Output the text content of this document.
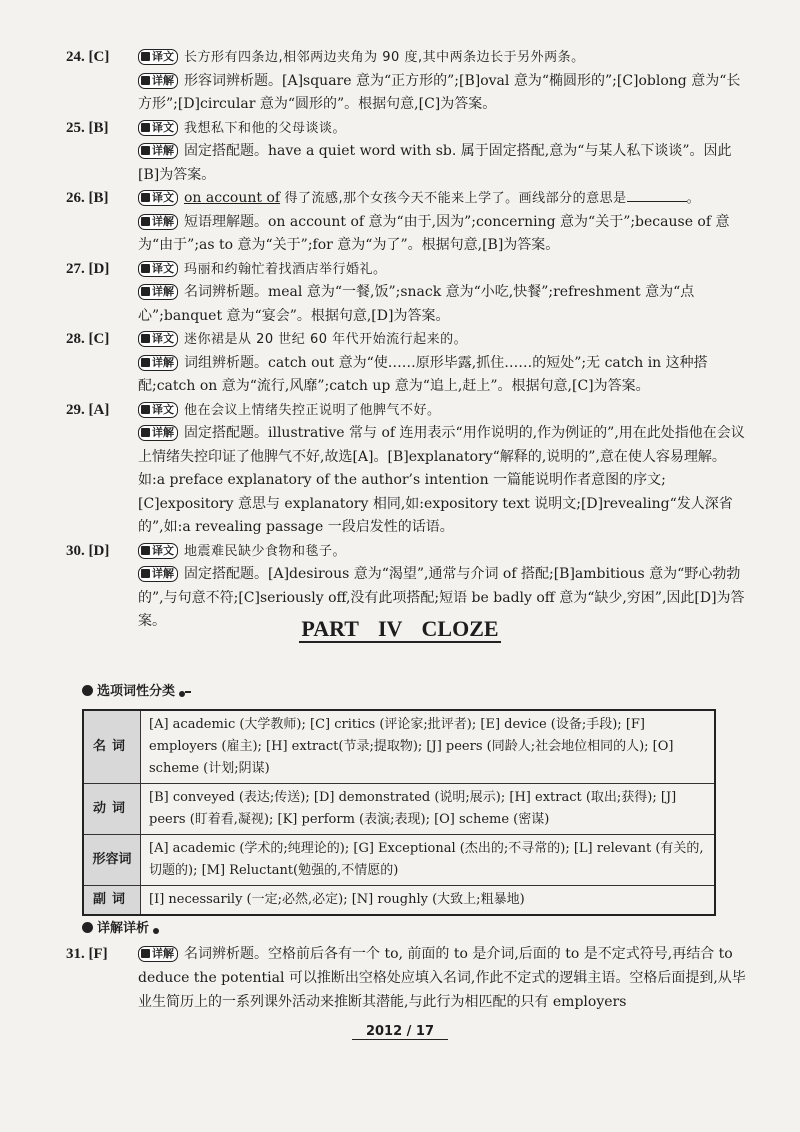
24. [C]	译文 长方形有四条边,相邻两边夹角为 90 度,其中两条边长于另外两条。
详解 形容词辨析题。[A]square 意为“正方形的”;[B]oval 意为“椭圆形的”;[C]oblong 意为“长方形”;[D]circular 意为“圆形的”。根据句意,[C]为答案。
25. [B]	译文 我想私下和他的父母谈谈。
详解 固定搭配题。have a quiet word with sb. 属于固定搭配,意为“与某人私下谈谈”。因此[B]为答案。
26. [B]	译文 on account of 得了流感,那个女孩今天不能来上学了。画线部分的意思是	。
详解 短语理解题。on account of 意为“由于,因为”;concerning 意为“关于”;because of 意为“由于”;as to 意为“关于”;for 意为“为了”。根据句意,[B]为答案。
27. [D]	译文 玛丽和约翰忙着找酒店举行婚礼。
详解 名词辨析题。meal 意为“一餐,饭”;snack 意为“小吃,快餐”;refreshment 意为“点心”;banquet 意为“宴会”。根据句意,[D]为答案。
28. [C]	译文 迷你裙是从 20 世纪 60 年代开始流行起来的。
详解 词组辨析题。catch out 意为“使……原形毕露,抓住……的短处”;无 catch in 这种搭配;catch on 意为“流行,风靡”;catch up 意为“追上,赶上”。根据句意,[C]为答案。
29. [A]	译文 他在会议上情绪失控正说明了他脾气不好。
详解 固定搭配题。illustrative 常与 of 连用表示“用作说明的,作为例证的”,用在此处指他在会议上情绪失控印证了他脾气不好,故选[A]。[B]explanatory“解释的,说明的”,意在使人容易理解。如:a preface explanatory of the author’s intention 一篇能说明作者意图的序文;[C]expository 意思与 explanatory 相同,如:expository text 说明文;[D]revealing“发人深省的”,如:a revealing passage 一段启发性的话语。
30. [D]	译文 地震难民缺少食物和毯子。
详解 固定搭配题。[A]desirous 意为“渴望”,通常与介词 of 搭配;[B]ambitious 意为“野心勃勃的”,与句意不符;[C]seriously off,没有此项搭配;短语 be badly off 意为“缺少,穷困”,因此[D]为答案。	PART IV CLOZE
选项词性分类
名词	[A] academic (大学教师); [C] critics (评论家;批评者); [E] device (设备;手段); [F] employers (雇主); [H] extract(节录;提取物); [J] peers (同龄人;社会地位相同的人); [O] scheme (计划;阴谋)
动词	[B] conveyed (表达;传送); [D] demonstrated (说明;展示); [H] extract (取出;获得); [J] peers (盯着看,凝视); [K] perform (表演;表现); [O] scheme (密谋)
形容词	[A] academic (学术的;纯理论的); [G] Exceptional (杰出的;不寻常的); [L] relevant (有关的,切题的); [M] Reluctant(勉强的,不情愿的)
副词	[I] necessarily (一定;必然,必定); [N] roughly (大致上;粗暴地)
详解详析
31. [F]	详解 名词辨析题。空格前后各有一个 to, 前面的 to 是介词,后面的 to 是不定式符号,再结合 to deduce the potential 可以推断出空格处应填入名词,作此不定式的逻辑主语。空格后面提到,从毕业生简历上的一系列课外活动来推断其潜能,与此行为相匹配的只有 employers
2012 / 17
